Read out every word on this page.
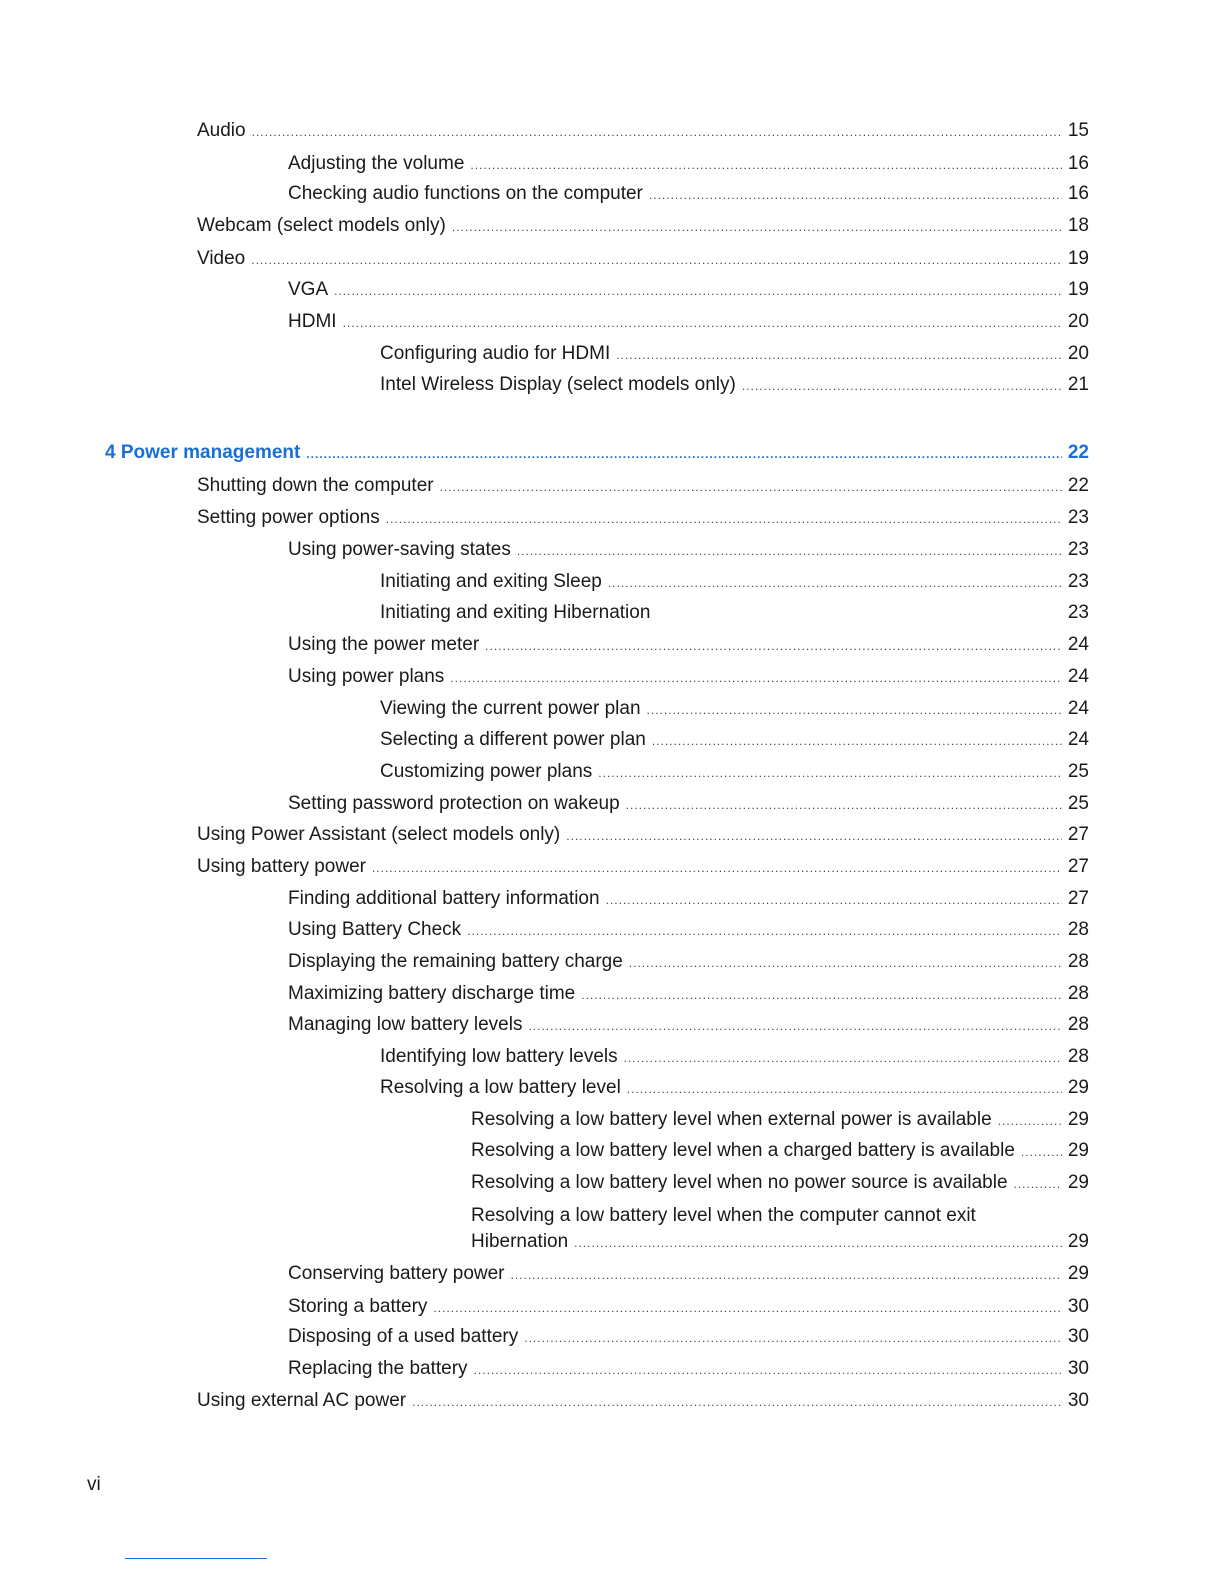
Audio .....	15
Adjusting the volume .....	16
Checking audio functions on the computer .....	16
Webcam (select models only) .....	18
Video .....	19
VGA .....	19
HDMI .....	20
Configuring audio for HDMI .....	20
Intel Wireless Display (select models only) .....	21
4 Power management .....	22
Shutting down the computer .....	22
Setting power options .....	23
Using power-saving states .....	23
Initiating and exiting Sleep .....	23
Initiating and exiting Hibernation	23
Using the power meter .....	24
Using power plans .....	24
Viewing the current power plan .....	24
Selecting a different power plan .....	24
Customizing power plans .....	25
Setting password protection on wakeup .....	25
Using Power Assistant (select models only) .....	27
Using battery power .....	27
Finding additional battery information .....	27
Using Battery Check .....	28
Displaying the remaining battery charge .....	28
Maximizing battery discharge time .....	28
Managing low battery levels .....	28
Identifying low battery levels .....	28
Resolving a low battery level .....	29
Resolving a low battery level when external power is available .....	29
Resolving a low battery level when a charged battery is available .....	29
Resolving a low battery level when no power source is available .....	29
Resolving a low battery level when the computer cannot exit
Hibernation .....	29
Conserving battery power .....	29
Storing a battery .....	30
Disposing of a used battery .....	30
Replacing the battery .....	30
Using external AC power .....	30
vi
